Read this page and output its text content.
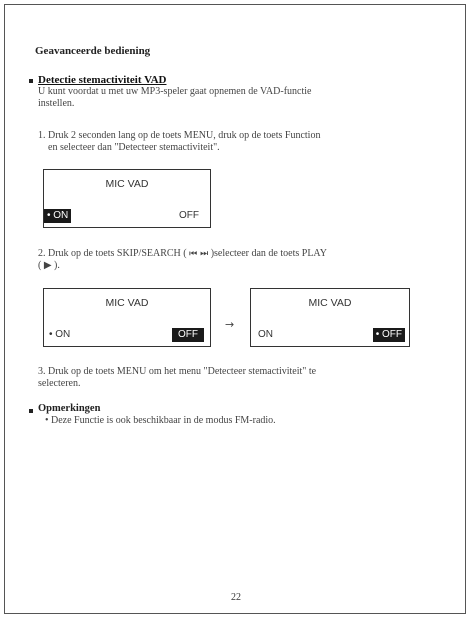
Geavanceerde bediening
Detectie stemactiviteit VAD
U kunt voordat u met uw MP3-speler gaat opnemen de VAD-functie
instellen.
1. Druk 2 seconden lang op de toets MENU, druk op de toets Function
en selecteer dan "Detecteer stemactiviteit".
MIC VAD
• ON	OFF
2. Druk op de toets SKIP/SEARCH ( ⏮ ⏭ )selecteer dan de toets PLAY
( ▶ ).
MIC VAD
• ON	OFF
→
MIC VAD
ON	• OFF
3. Druk op de toets MENU om het menu "Detecteer stemactiviteit" te
selecteren.
Opmerkingen
• Deze Functie is ook beschikbaar in de modus FM-radio.
22
